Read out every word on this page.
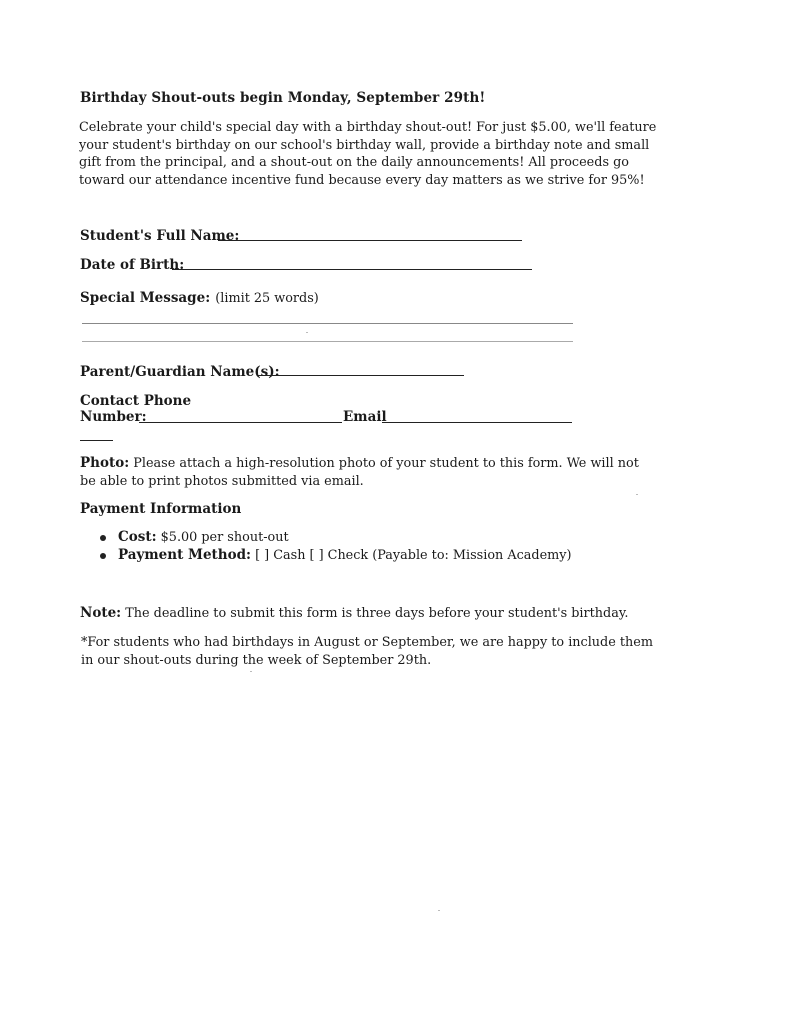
Birthday Shout-outs begin Monday, September 29th!
Celebrate your child's special day with a birthday shout-out! For just $5.00, we'll feature
your student's birthday on our school's birthday wall, provide a birthday note and small
gift from the principal, and a shout-out on the daily announcements! All proceeds go
toward our attendance incentive fund because every day matters as we strive for 95%!
Student's Full Name:
Date of Birth:
Special Message: (limit 25 words)
Parent/Guardian Name(s):
Contact Phone
Number:	Email
Photo: Please attach a high-resolution photo of your student to this form. We will not
be able to print photos submitted via email.
Payment Information
Cost: $5.00 per shout-out
Payment Method: [ ] Cash [ ] Check (Payable to: Mission Academy)
Note: The deadline to submit this form is three days before your student's birthday.
*For students who had birthdays in August or September, we are happy to include them
in our shout-outs during the week of September 29th.
